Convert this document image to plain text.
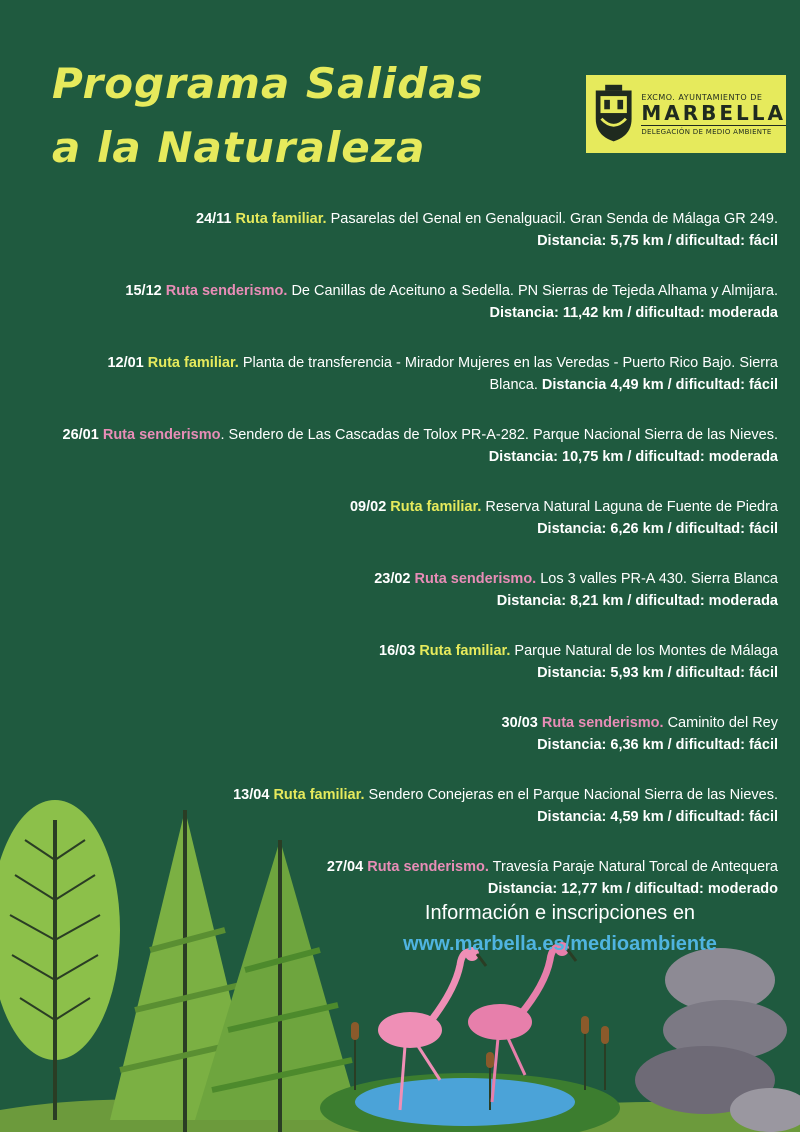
Programa Salidas
a la Naturaleza
EXCMO. AYUNTAMIENTO DE
MARBELLA
DELEGACIÓN DE MEDIO AMBIENTE
24/11 Ruta familiar. Pasarelas del Genal en Genalguacil. Gran Senda de Málaga GR 249.
Distancia: 5,75 km / dificultad: fácil
15/12 Ruta senderismo. De Canillas de Aceituno a Sedella. PN Sierras de Tejeda Alhama y Almijara. Distancia: 11,42 km / dificultad: moderada
12/01 Ruta familiar. Planta de transferencia - Mirador Mujeres en las Veredas - Puerto Rico Bajo. Sierra Blanca. Distancia 4,49 km / dificultad: fácil
26/01 Ruta senderismo. Sendero de Las Cascadas de Tolox PR-A-282. Parque Nacional Sierra de las Nieves. Distancia: 10,75 km / dificultad: moderada
09/02 Ruta familiar. Reserva Natural Laguna de Fuente de Piedra
Distancia: 6,26 km / dificultad: fácil
23/02 Ruta senderismo. Los 3 valles PR-A 430. Sierra Blanca
Distancia: 8,21 km / dificultad: moderada
16/03 Ruta familiar. Parque Natural de los Montes de Málaga
Distancia: 5,93 km / dificultad: fácil
30/03 Ruta senderismo. Caminito del Rey
Distancia: 6,36 km / dificultad: fácil
13/04 Ruta familiar. Sendero Conejeras en el Parque Nacional Sierra de las Nieves.
Distancia: 4,59 km / dificultad: fácil
27/04 Ruta senderismo. Travesía Paraje Natural Torcal de Antequera
Distancia: 12,77 km / dificultad: moderado
Información e inscripciones en
www.marbella.es/medioambiente
